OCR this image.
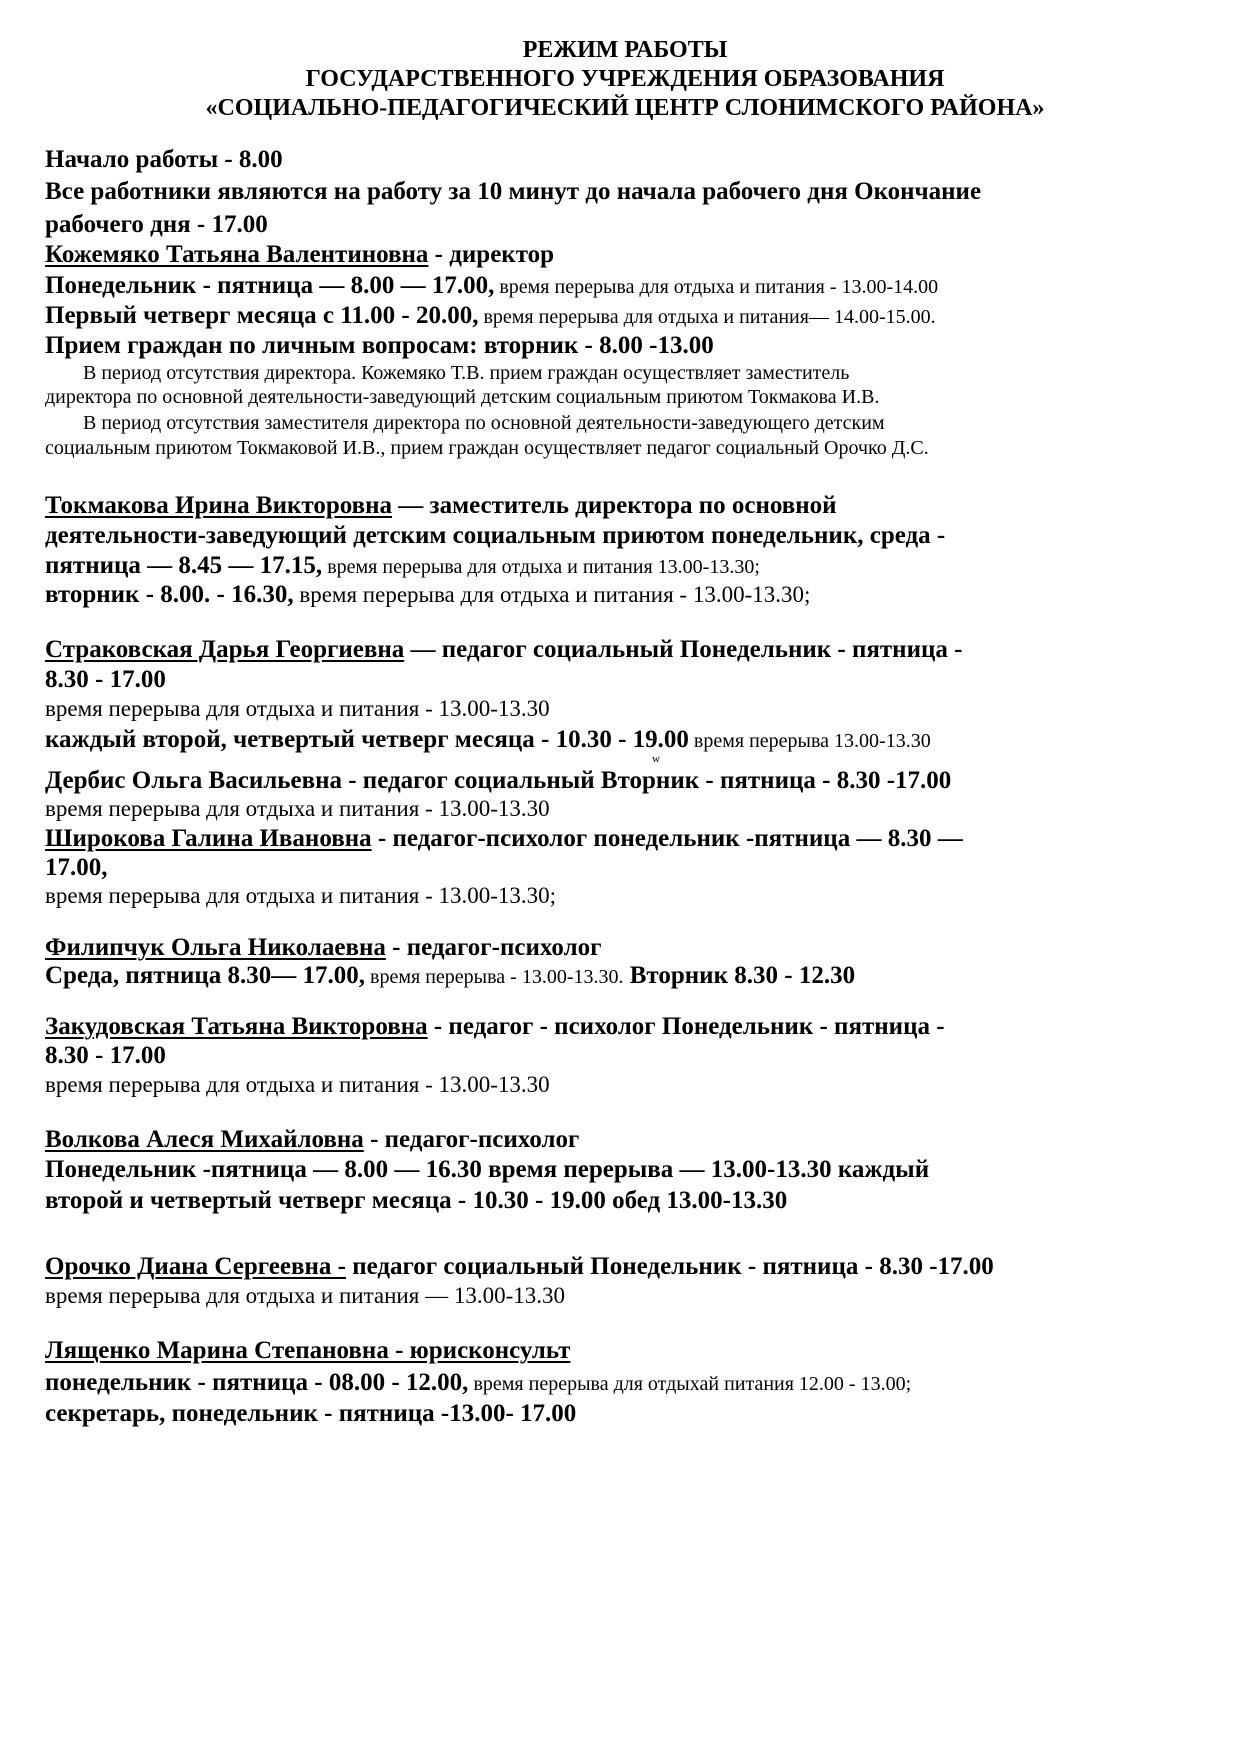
РЕЖИМ РАБОТЫ
ГОСУДАРСТВЕННОГО УЧРЕЖДЕНИЯ ОБРАЗОВАНИЯ
«СОЦИАЛЬНО-ПЕДАГОГИЧЕСКИЙ ЦЕНТР СЛОНИМСКОГО РАЙОНА»
Начало работы - 8.00
Все работники являются на работу за 10 минут до начала рабочего дня Окончание
рабочего дня - 17.00
Кожемяко Татьяна Валентиновна - директор
Понедельник - пятница — 8.00 — 17.00, время перерыва для отдыха и питания - 13.00-14.00
Первый четверг месяца с 11.00 - 20.00, время перерыва для отдыха и питания— 14.00-15.00.
Прием граждан по личным вопросам: вторник - 8.00 -13.00
В период отсутствия директора. Кожемяко Т.В. прием граждан осуществляет заместитель
директора по основной деятельности-заведующий детским социальным приютом Токмакова И.В.
В период отсутствия заместителя директора по основной деятельности-заведующего детским
социальным приютом Токмаковой И.В., прием граждан осуществляет педагог социальный Орочко Д.С.
Токмакова Ирина Викторовна — заместитель директора по основной
деятельности-заведующий детским социальным приютом понедельник, среда -
пятница — 8.45 — 17.15, время перерыва для отдыха и питания 13.00-13.30;
вторник - 8.00. - 16.30, время перерыва для отдыха и питания - 13.00-13.30;
Страковская Дарья Георгиевна — педагог социальный Понедельник - пятница -
8.30 - 17.00
время перерыва для отдыха и питания - 13.00-13.30
каждый второй, четвертый четверг месяца - 10.30 - 19.00 время перерыва 13.00-13.30
w
Дербис Ольга Васильевна - педагог социальный Вторник - пятница - 8.30 -17.00
время перерыва для отдыха и питания - 13.00-13.30
Широкова Галина Ивановна - педагог-психолог понедельник -пятница — 8.30 —
17.00,
время перерыва для отдыха и питания - 13.00-13.30;
Филипчук Ольга Николаевна - педагог-психолог
Среда, пятница 8.30— 17.00, время перерыва - 13.00-13.30. Вторник 8.30 - 12.30
Закудовская Татьяна Викторовна - педагог - психолог Понедельник - пятница -
8.30 - 17.00
время перерыва для отдыха и питания - 13.00-13.30
Волкова Алеся Михайловна - педагог-психолог
Понедельник -пятница — 8.00 — 16.30 время перерыва — 13.00-13.30 каждый
второй и четвертый четверг месяца - 10.30 - 19.00 обед 13.00-13.30
Орочко Диана Сергеевна - педагог социальный Понедельник - пятница - 8.30 -17.00
время перерыва для отдыха и питания — 13.00-13.30
Лященко Марина Степановна - юрисконсульт
понедельник - пятница - 08.00 - 12.00, время перерыва для отдыхай питания 12.00 - 13.00;
секретарь, понедельник - пятница -13.00- 17.00
